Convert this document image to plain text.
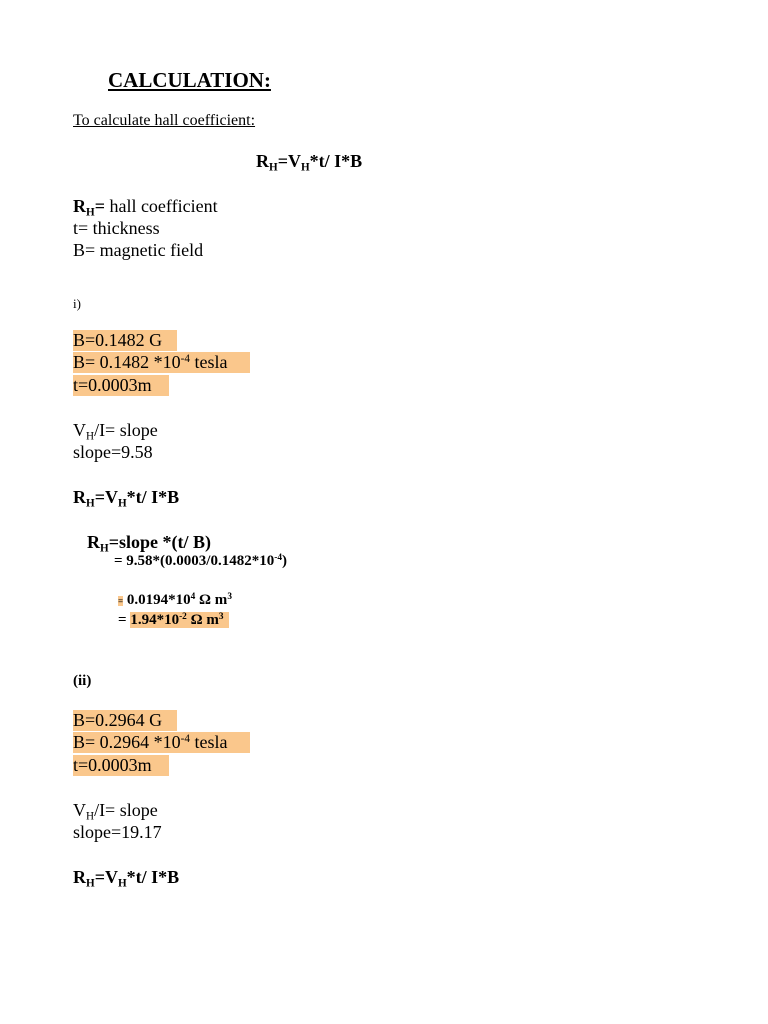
CALCULATION:
To calculate hall coefficient:
$R_H=V_H*t/$ I*B
$R_H=$ hall coefficient
t= thickness
B= magnetic field
i)
B=0.1482 G
B= 0.1482 $*10^{-4}$ tesla
t=0.0003m
$V_H/I=$ slope
slope=9.58
$R_H=V_H*t/$ I*B
$R_H=slope$ *(t/ B)
= $9.58*(0.0003/0.1482*10^{-4})$
= $0.0194*10^4$ Ω $m^3$
= $1.94*10^{-2}$ Ω $m^3$
(ii)
B=0.2964 G
B= 0.2964 $*10^{-4}$ tesla
t=0.0003m
$V_H/I=$ slope
slope=19.17
$R_H=V_H*t/$ I*B
